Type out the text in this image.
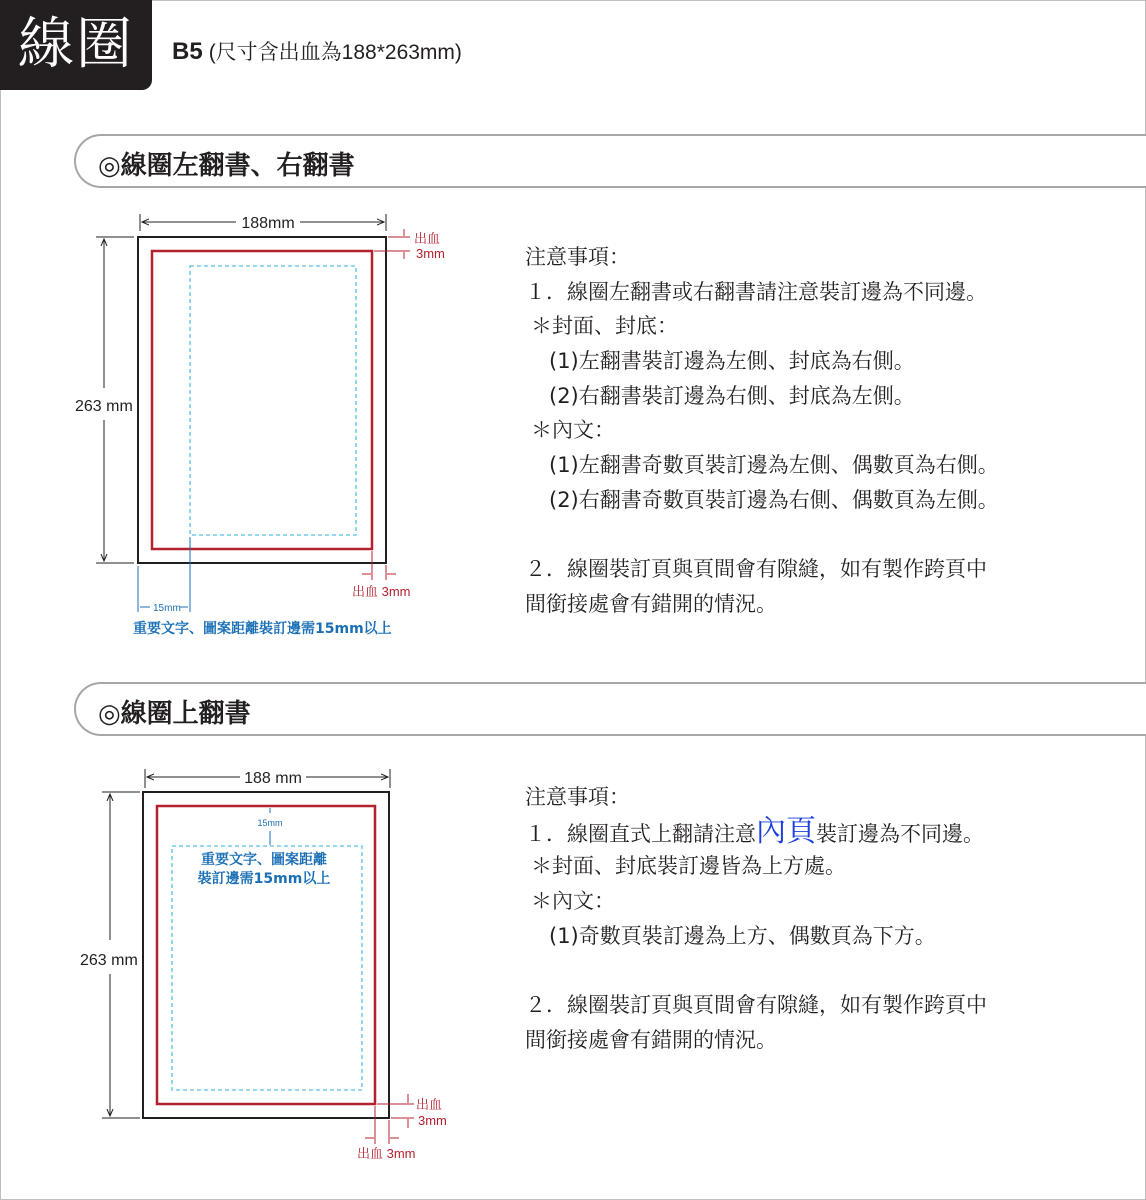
線圈	B5 (尺寸含出血為188*263mm)
◎線圈左翻書、右翻書
188mm
263 mm
出血
3mm
出血 3mm
15mm
重要文字、圖案距離裝訂邊需15mm以上
188 mm
263 mm
15mm
重要文字、圖案距離
裝訂邊需15mm以上
出血
3mm
出血 3mm
注意事項：
１．線圈左翻書或右翻書請注意裝訂邊為不同邊。
＊封面、封底：
(1)左翻書裝訂邊為左側、封底為右側。
(2)右翻書裝訂邊為右側、封底為左側。
＊內文：
(1)左翻書奇數頁裝訂邊為左側、偶數頁為右側。
(2)右翻書奇數頁裝訂邊為右側、偶數頁為左側。
２．線圈裝訂頁與頁間會有隙縫，如有製作跨頁中
間銜接處會有錯開的情況。
◎線圈上翻書
注意事項：
１．線圈直式上翻請注意內頁裝訂邊為不同邊。
＊封面、封底裝訂邊皆為上方處。
＊內文：
(1)奇數頁裝訂邊為上方、偶數頁為下方。
２．線圈裝訂頁與頁間會有隙縫，如有製作跨頁中
間銜接處會有錯開的情況。
